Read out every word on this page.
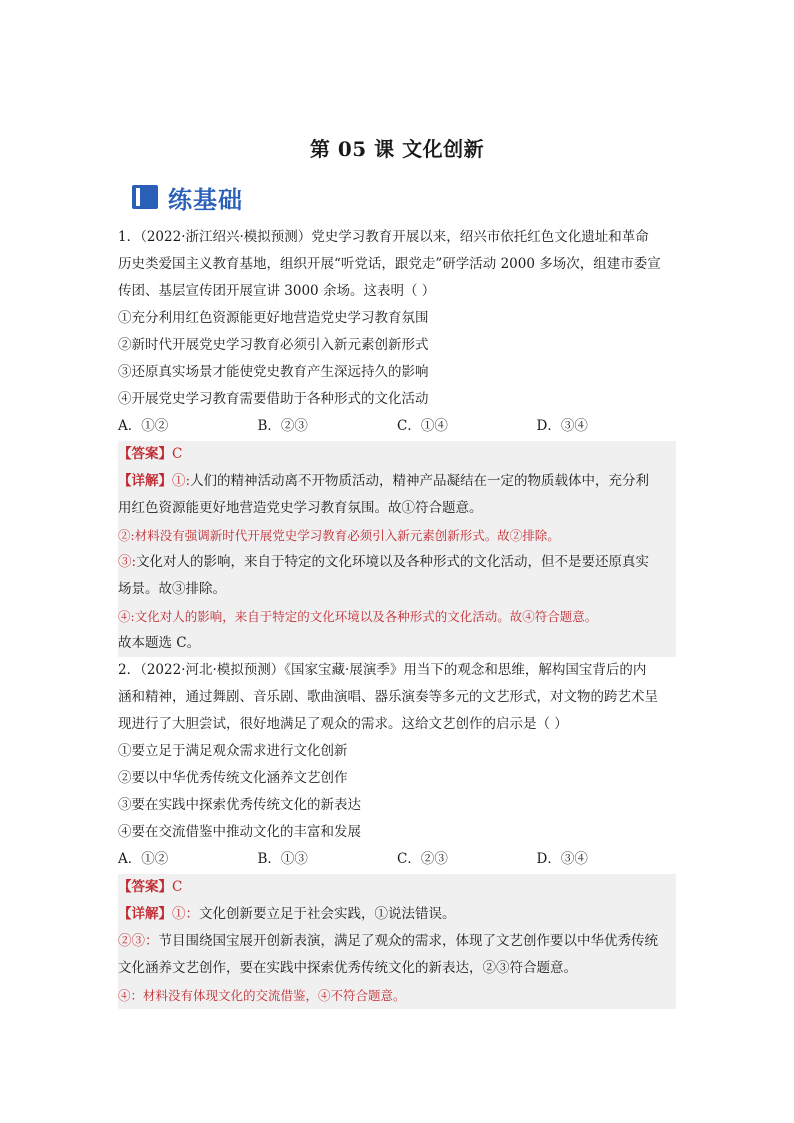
第 05 课 文化创新
练基础
1．（2022·浙江绍兴·模拟预测）党史学习教育开展以来，绍兴市依托红色文化遗址和革命
历史类爱国主义教育基地，组织开展“听党话，跟党走”研学活动 2000 多场次，组建市委宣
传团、基层宣传团开展宣讲 3000 余场。这表明（ ）
①充分利用红色资源能更好地营造党史学习教育氛围
②新时代开展党史学习教育必须引入新元素创新形式
③还原真实场景才能使党史教育产生深远持久的影响
④开展党史学习教育需要借助于各种形式的文化活动
A．①②	B．②③	C．①④	D．③④
【答案】C
【详解】①:人们的精神活动离不开物质活动，精神产品凝结在一定的物质载体中，充分利
用红色资源能更好地营造党史学习教育氛围。故①符合题意。
②:材料没有强调新时代开展党史学习教育必须引入新元素创新形式。故②排除。
③:文化对人的影响，来自于特定的文化环境以及各种形式的文化活动，但不是要还原真实
场景。故③排除。
④:文化对人的影响，来自于特定的文化环境以及各种形式的文化活动。故④符合题意。
故本题选 C。
2．（2022·河北·模拟预测）《国家宝藏·展演季》用当下的观念和思维，解构国宝背后的内
涵和精神，通过舞剧、音乐剧、歌曲演唱、器乐演奏等多元的文艺形式，对文物的跨艺术呈
现进行了大胆尝试，很好地满足了观众的需求。这给文艺创作的启示是（ ）
①要立足于满足观众需求进行文化创新
②要以中华优秀传统文化涵养文艺创作
③要在实践中探索优秀传统文化的新表达
④要在交流借鉴中推动文化的丰富和发展
A．①②	B．①③	C．②③	D．③④
【答案】C
【详解】①：文化创新要立足于社会实践，①说法错误。
②③：节目围绕国宝展开创新表演，满足了观众的需求，体现了文艺创作要以中华优秀传统
文化涵养文艺创作，要在实践中探索优秀传统文化的新表达，②③符合题意。
④：材料没有体现文化的交流借鉴，④不符合题意。
